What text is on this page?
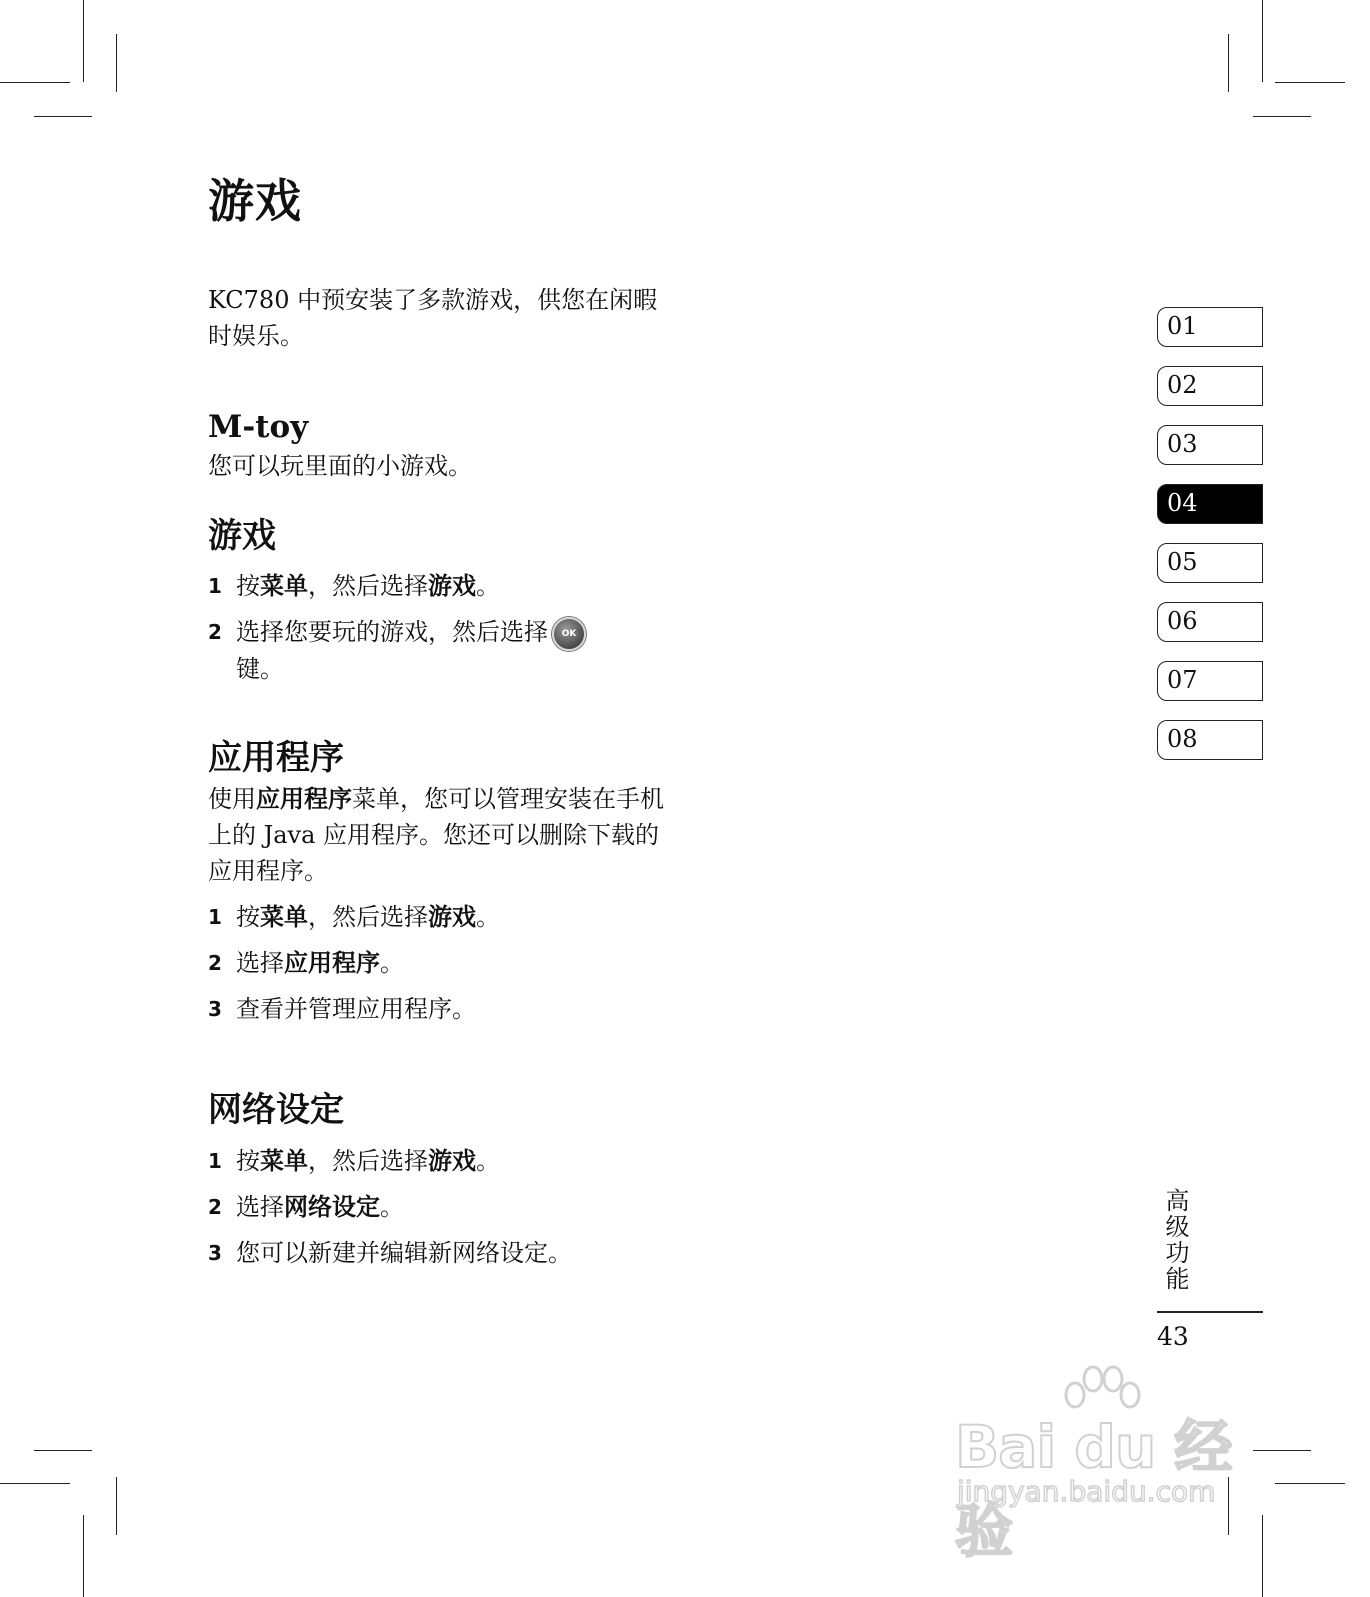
游戏

KC780 中预安装了多款游戏，供您在闲暇时娱乐。

M-toy

您可以玩里面的小游戏。

游戏
1 按菜单，然后选择游戏。
2 选择您要玩的游戏，然后选择 OK
键。
应用程序

使用应用程序菜单，您可以管理安装在手机上的 Java 应用程序。您还可以删除下载的应用程序。

1 按菜单，然后选择游戏。
2 选择应用程序。
3 查看并管理应用程序。
网络设定
1 按菜单，然后选择游戏。
2 选择网络设定。
3 您可以新建并编辑新网络设定。
01
02
03
04
05
06
07
08
高级功能
43
Bai du 经验
jingyan.baidu.com
